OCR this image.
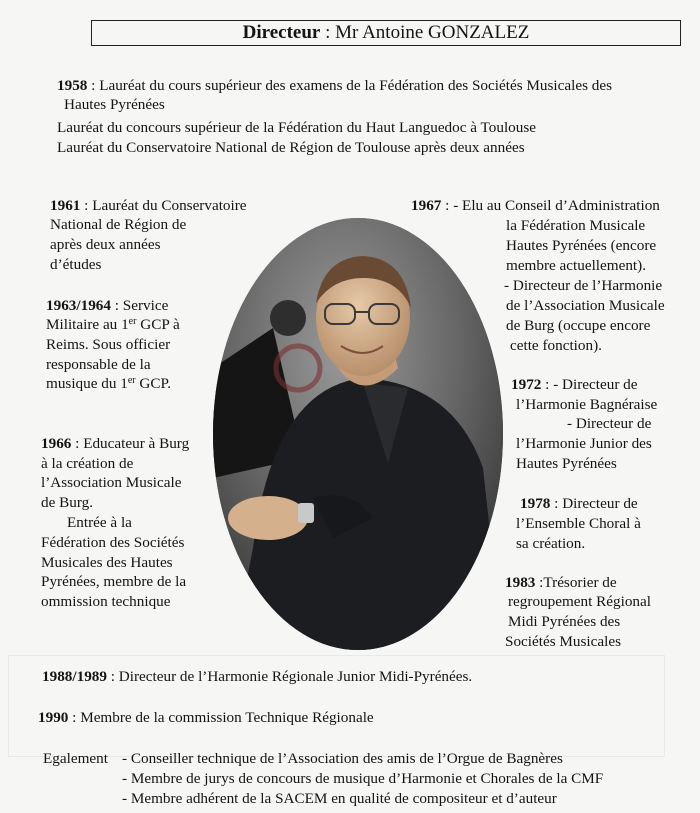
Directeur : Mr Antoine GONZALEZ
1958 : Lauréat du cours supérieur des examens de la Fédération des Sociétés Musicales des
Hautes Pyrénées
Lauréat du concours supérieur de la Fédération du Haut Languedoc à Toulouse
Lauréat du Conservatoire National de Région de Toulouse après deux années
1961 : Lauréat du Conservatoire
National de Région de
après deux années
d’études
1963/1964 : Service
Militaire au 1er GCP à
Reims. Sous officier
responsable de la
musique du 1er GCP.
1966 : Educateur à Burg
à la création de
l’Association Musicale
de Burg.
Entrée à la
Fédération des Sociétés
Musicales des Hautes
Pyrénées, membre de la
ommission technique
1967 : - Elu au Conseil d’Administration
la Fédération Musicale
Hautes Pyrénées (encore
membre actuellement).
- Directeur de l’Harmonie
de l’Association Musicale
de Burg (occupe encore
cette fonction).
1972 : - Directeur de
l’Harmonie Bagnéraise
- Directeur de
l’Harmonie Junior des
Hautes Pyrénées
1978 : Directeur de
l’Ensemble Choral à
sa création.
1983 :Trésorier de
regroupement Régional
Midi Pyrénées des
Sociétés Musicales
1988/1989 : Directeur de l’Harmonie Régionale Junior Midi-Pyrénées.
1990 : Membre de la commission Technique Régionale
Egalement - Conseiller technique de l’Association des amis de l’Orgue de Bagnères
- Membre de jurys de concours de musique d’Harmonie et Chorales de la CMF
- Membre adhérent de la SACEM en qualité de compositeur et d’auteur
